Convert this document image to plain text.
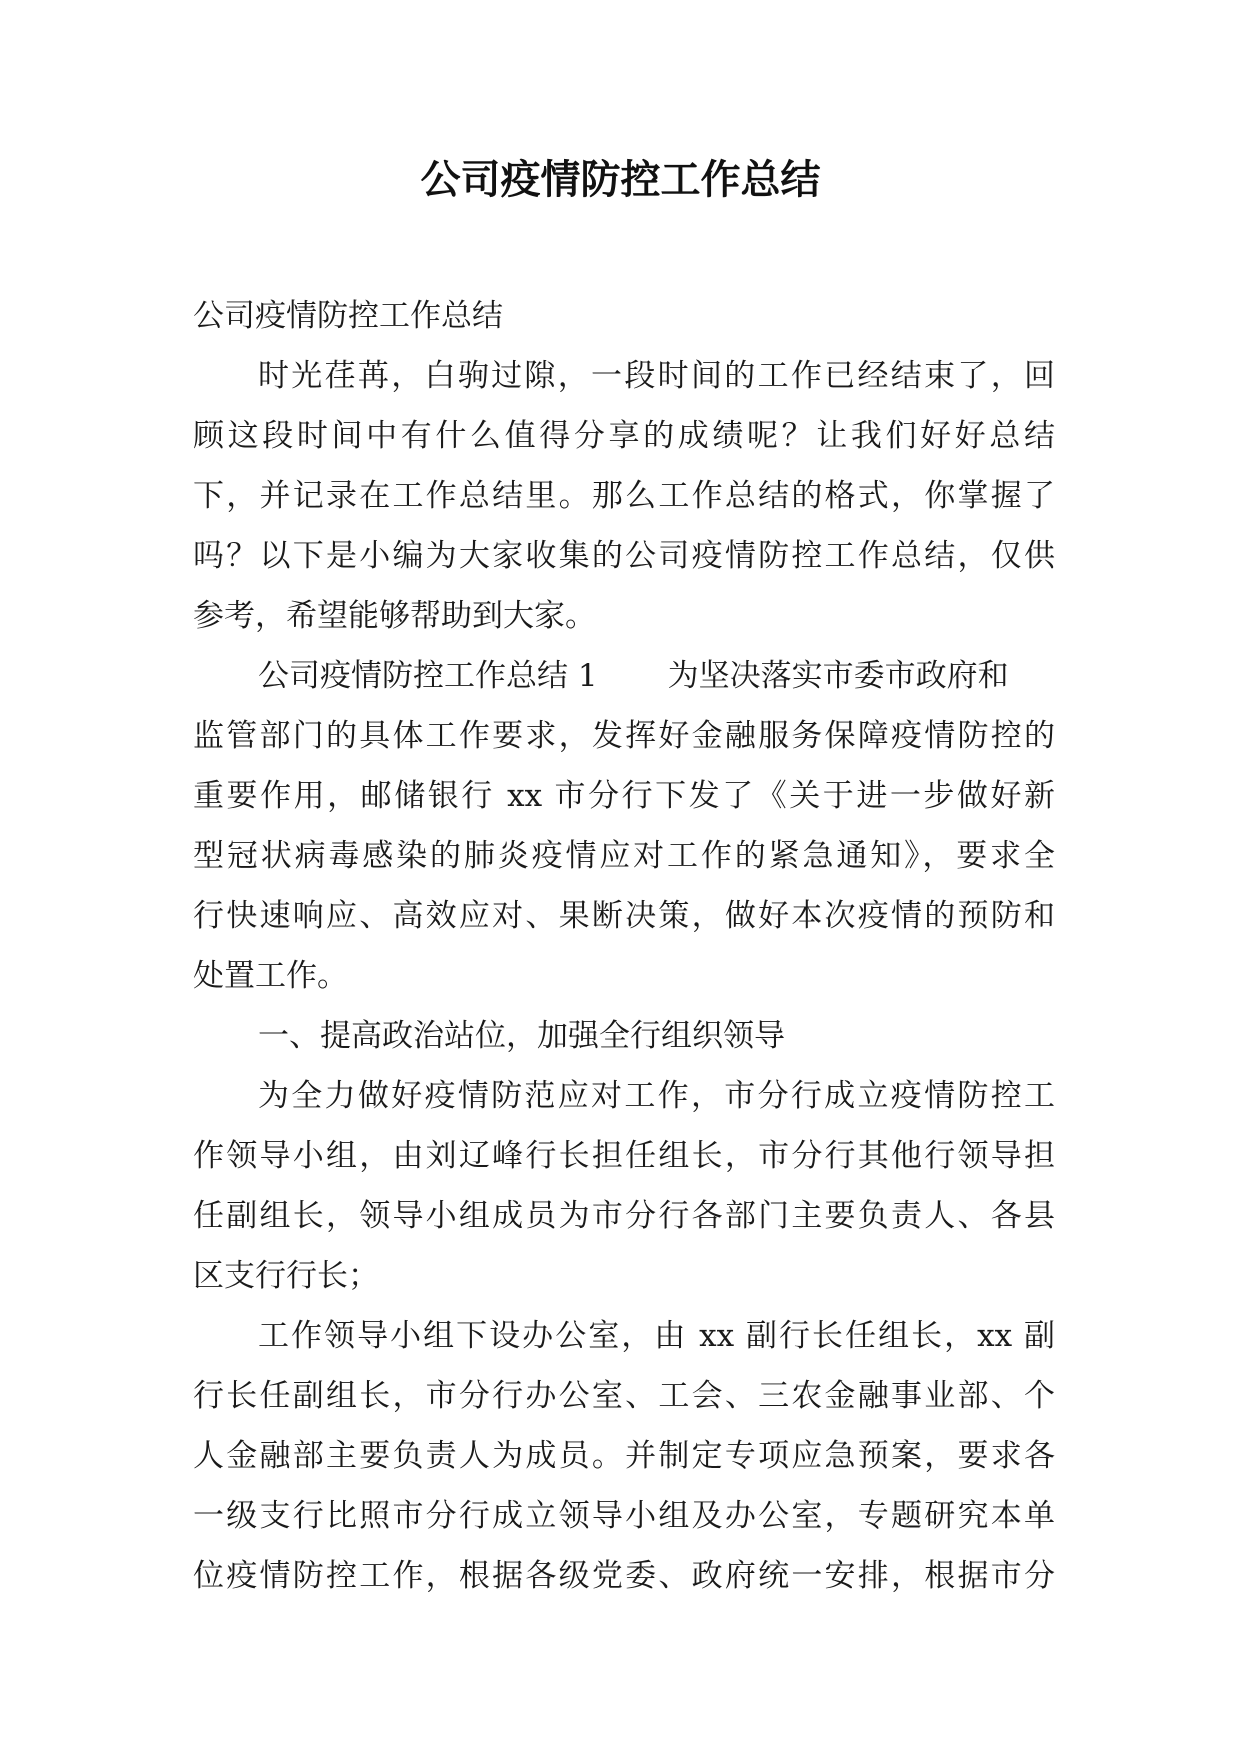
公司疫情防控工作总结
公司疫情防控工作总结
时光荏苒，白驹过隙，一段时间的工作已经结束了，回
顾这段时间中有什么值得分享的成绩呢？让我们好好总结
下，并记录在工作总结里。那么工作总结的格式，你掌握了
吗？以下是小编为大家收集的公司疫情防控工作总结，仅供
参考，希望能够帮助到大家。
公司疫情防控工作总结 1 为坚决落实市委市政府和
监管部门的具体工作要求，发挥好金融服务保障疫情防控的
重要作用，邮储银行 xx 市分行下发了《关于进一步做好新
型冠状病毒感染的肺炎疫情应对工作的紧急通知》，要求全
行快速响应、高效应对、果断决策，做好本次疫情的预防和
处置工作。
一、提高政治站位，加强全行组织领导
为全力做好疫情防范应对工作，市分行成立疫情防控工
作领导小组，由刘辽峰行长担任组长，市分行其他行领导担
任副组长，领导小组成员为市分行各部门主要负责人、各县
区支行行长；
工作领导小组下设办公室，由 xx 副行长任组长，xx 副
行长任副组长，市分行办公室、工会、三农金融事业部、个
人金融部主要负责人为成员。并制定专项应急预案，要求各
一级支行比照市分行成立领导小组及办公室，专题研究本单
位疫情防控工作，根据各级党委、政府统一安排，根据市分
